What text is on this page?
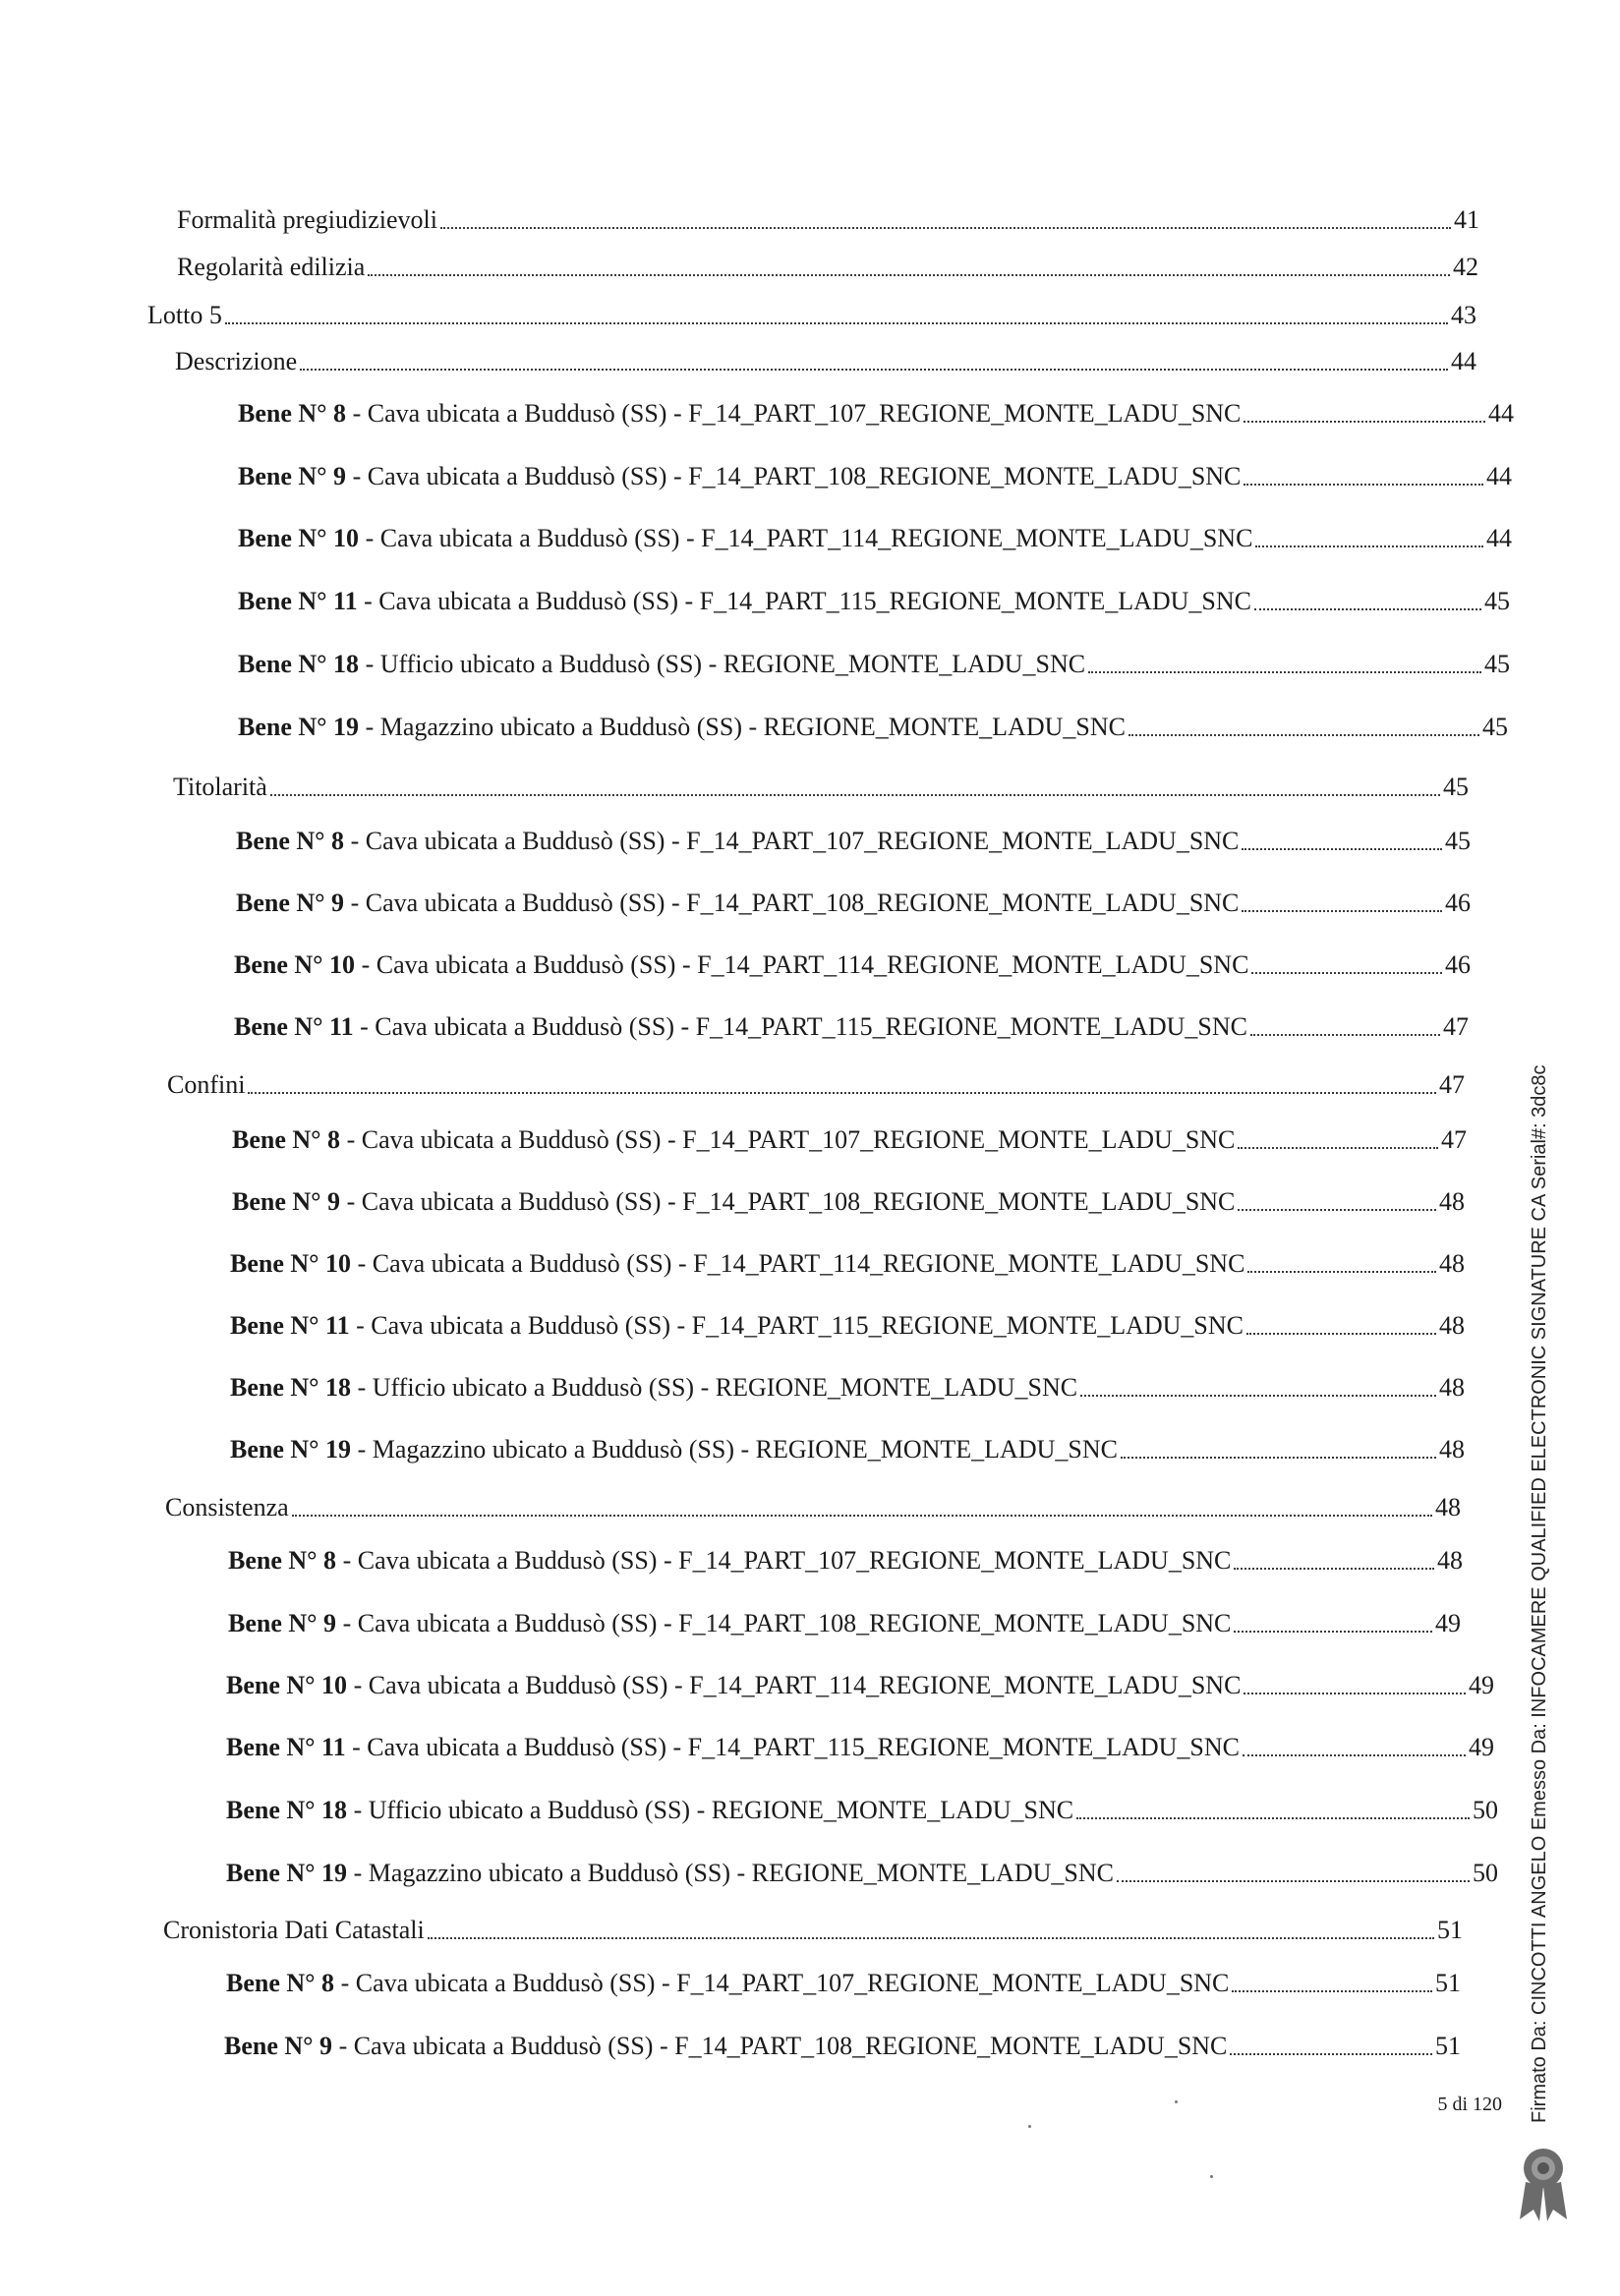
Formalità pregiudizievoli	41
Regolarità edilizia	42
Lotto 5	43
Descrizione	44
Bene N° 8 - Cava ubicata a Buddusò (SS) - F_14_PART_107_REGIONE_MONTE_LADU_SNC	44
Bene N° 9 - Cava ubicata a Buddusò (SS) - F_14_PART_108_REGIONE_MONTE_LADU_SNC	44
Bene N° 10 - Cava ubicata a Buddusò (SS) - F_14_PART_114_REGIONE_MONTE_LADU_SNC	44
Bene N° 11 - Cava ubicata a Buddusò (SS) - F_14_PART_115_REGIONE_MONTE_LADU_SNC	45
Bene N° 18 - Ufficio ubicato a Buddusò (SS) - REGIONE_MONTE_LADU_SNC	45
Bene N° 19 - Magazzino ubicato a Buddusò (SS) - REGIONE_MONTE_LADU_SNC	45
Titolarità	45
Bene N° 8 - Cava ubicata a Buddusò (SS) - F_14_PART_107_REGIONE_MONTE_LADU_SNC	45
Bene N° 9 - Cava ubicata a Buddusò (SS) - F_14_PART_108_REGIONE_MONTE_LADU_SNC	46
Bene N° 10 - Cava ubicata a Buddusò (SS) - F_14_PART_114_REGIONE_MONTE_LADU_SNC	46
Bene N° 11 - Cava ubicata a Buddusò (SS) - F_14_PART_115_REGIONE_MONTE_LADU_SNC	47
Confini	47
Bene N° 8 - Cava ubicata a Buddusò (SS) - F_14_PART_107_REGIONE_MONTE_LADU_SNC	47
Bene N° 9 - Cava ubicata a Buddusò (SS) - F_14_PART_108_REGIONE_MONTE_LADU_SNC	48
Bene N° 10 - Cava ubicata a Buddusò (SS) - F_14_PART_114_REGIONE_MONTE_LADU_SNC	48
Bene N° 11 - Cava ubicata a Buddusò (SS) - F_14_PART_115_REGIONE_MONTE_LADU_SNC	48
Bene N° 18 - Ufficio ubicato a Buddusò (SS) - REGIONE_MONTE_LADU_SNC	48
Bene N° 19 - Magazzino ubicato a Buddusò (SS) - REGIONE_MONTE_LADU_SNC	48
Consistenza	48
Bene N° 8 - Cava ubicata a Buddusò (SS) - F_14_PART_107_REGIONE_MONTE_LADU_SNC	48
Bene N° 9 - Cava ubicata a Buddusò (SS) - F_14_PART_108_REGIONE_MONTE_LADU_SNC	49
Bene N° 10 - Cava ubicata a Buddusò (SS) - F_14_PART_114_REGIONE_MONTE_LADU_SNC	49
Bene N° 11 - Cava ubicata a Buddusò (SS) - F_14_PART_115_REGIONE_MONTE_LADU_SNC	49
Bene N° 18 - Ufficio ubicato a Buddusò (SS) - REGIONE_MONTE_LADU_SNC	50
Bene N° 19 - Magazzino ubicato a Buddusò (SS) - REGIONE_MONTE_LADU_SNC	50
Cronistoria Dati Catastali	51
Bene N° 8 - Cava ubicata a Buddusò (SS) - F_14_PART_107_REGIONE_MONTE_LADU_SNC	51
Bene N° 9 - Cava ubicata a Buddusò (SS) - F_14_PART_108_REGIONE_MONTE_LADU_SNC	51
5 di 120 Firmato Da: CINCOTTI ANGELO Emesso Da: INFOCAMERE QUALIFIED ELECTRONIC SIGNATURE CA Serial#: 3dc8c
